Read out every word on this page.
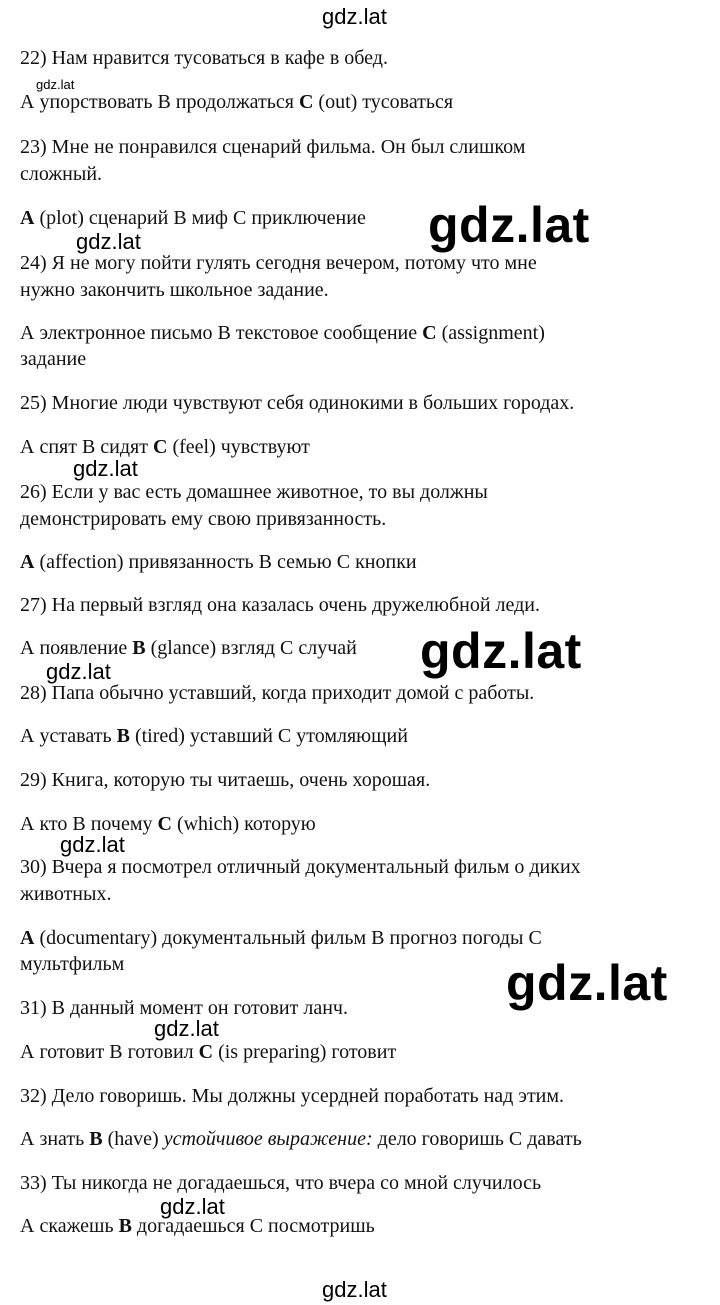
gdz.lat
gdz.lat
gdz.lat
gdz.lat
gdz.lat
gdz.lat
gdz.lat
gdz.lat
gdz.lat
gdz.lat
gdz.lat
gdz.lat
22) Нам нравится тусоваться в кафе в обед.
А упорствовать В продолжаться C (out) тусоваться
23) Мне не понравился сценарий фильма. Он был слишком
сложный.
A (plot) сценарий В миф С приключение
24) Я не могу пойти гулять сегодня вечером, потому что мне
нужно закончить школьное задание.
А электронное письмо В текстовое сообщение C (assignment)
задание
25) Многие люди чувствуют себя одинокими в больших городах.
А спят В сидят C (feel) чувствуют
26) Если у вас есть домашнее животное, то вы должны
демонстрировать ему свою привязанность.
A (affection) привязанность В семью С кнопки
27) На первый взгляд она казалась очень дружелюбной леди.
А появление B (glance) взгляд С случай
28) Папа обычно уставший, когда приходит домой с работы.
А уставать B (tired) уставший С утомляющий
29) Книга, которую ты читаешь, очень хорошая.
А кто В почему C (which) которую
30) Вчера я посмотрел отличный документальный фильм о диких
животных.
A (documentary) документальный фильм В прогноз погоды С
мультфильм
31) В данный момент он готовит ланч.
А готовит В готовил C (is preparing) готовит
32) Дело говоришь. Мы должны усердней поработать над этим.
А знать B (have) устойчивое выражение: дело говоришь С давать
33) Ты никогда не догадаешься, что вчера со мной случилось
А скажешь B догадаешься С посмотришь
